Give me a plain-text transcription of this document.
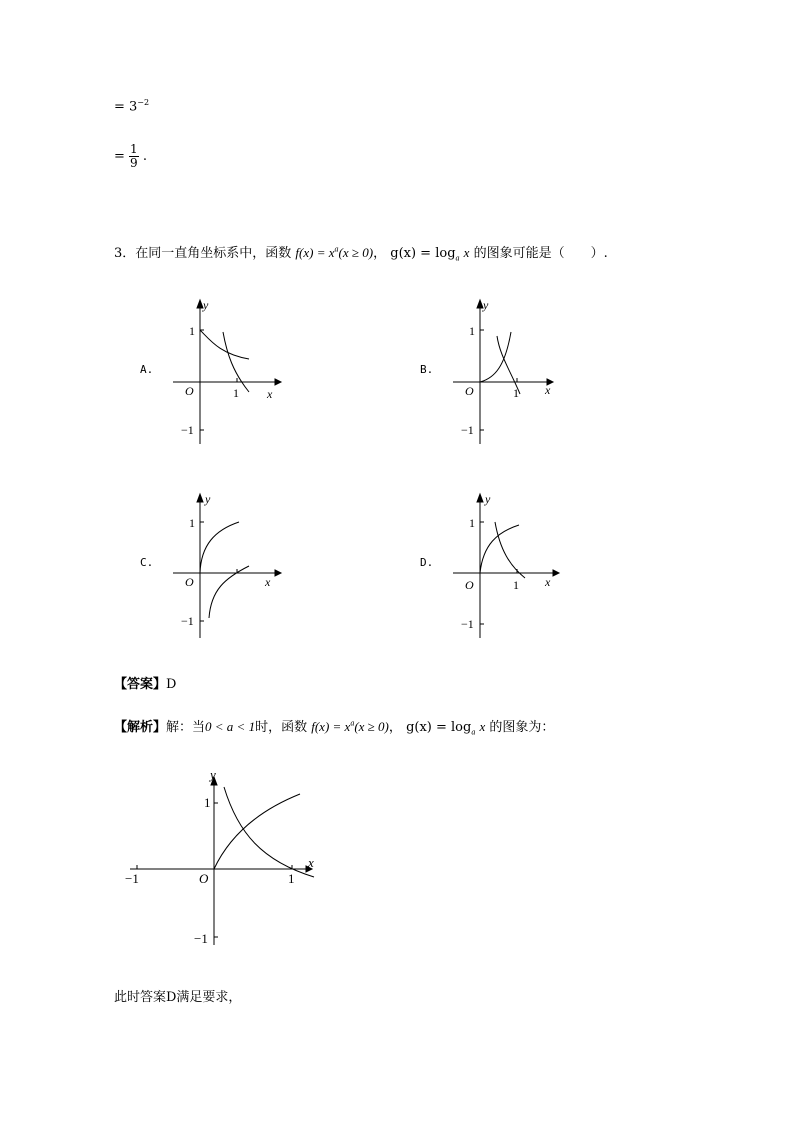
= $3^{-2}$
= $\frac{1}{9}$ .
3．在同一直角坐标系中，函数 $f(x) = x^a(x \ge 0)$， $g(x) = \log_a x$ 的图象可能是（　　）.
A.	B.
C.	D.
y
x
O
1
1
−1
y
x
O
1
1
−1
y
x
O
1
−1
y
x
O
1
1
−1
【答案】D
【解析】解：当0 < a < 1时，函数 $f(x) = x^a(x \ge 0)$， $g(x) = \log_a x$ 的图象为：
y
x
O
1
1
−1
−1
此时答案D满足要求，
